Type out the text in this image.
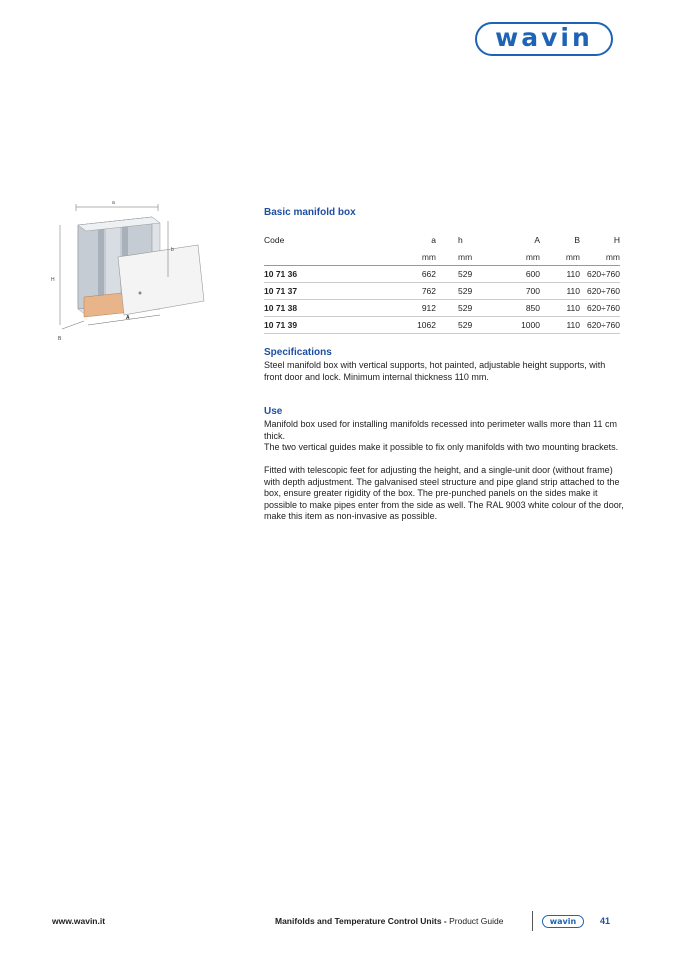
wavin
a
H
b
A
B
Basic manifold box
Code	a	h	A	B	H
	mm	mm	mm	mm	mm
10 71 36	662	529	600	110	620÷760
10 71 37	762	529	700	110	620÷760
10 71 38	912	529	850	110	620÷760
10 71 39	1062	529	1000	110	620÷760
Specifications

Steel manifold box with vertical supports, hot painted, adjustable height supports, with front door and lock. Minimum internal thickness 110 mm.

Use

Manifold box used for installing manifolds recessed into perimeter walls more than 11 cm thick.

The two vertical guides make it possible to fix only manifolds with two mounting brackets.

Fitted with telescopic feet for adjusting the height, and a single-unit door (without frame) with depth adjustment. The galvanised steel structure and pipe gland strip attached to the box, ensure greater rigidity of the box. The pre-punched panels on the sides make it possible to make pipes enter from the side as well. The RAL 9003 white colour of the door, make this item as non-invasive as possible.

www.wavin.it	Manifolds and Temperature Control Units - Product Guide	wavin	41
